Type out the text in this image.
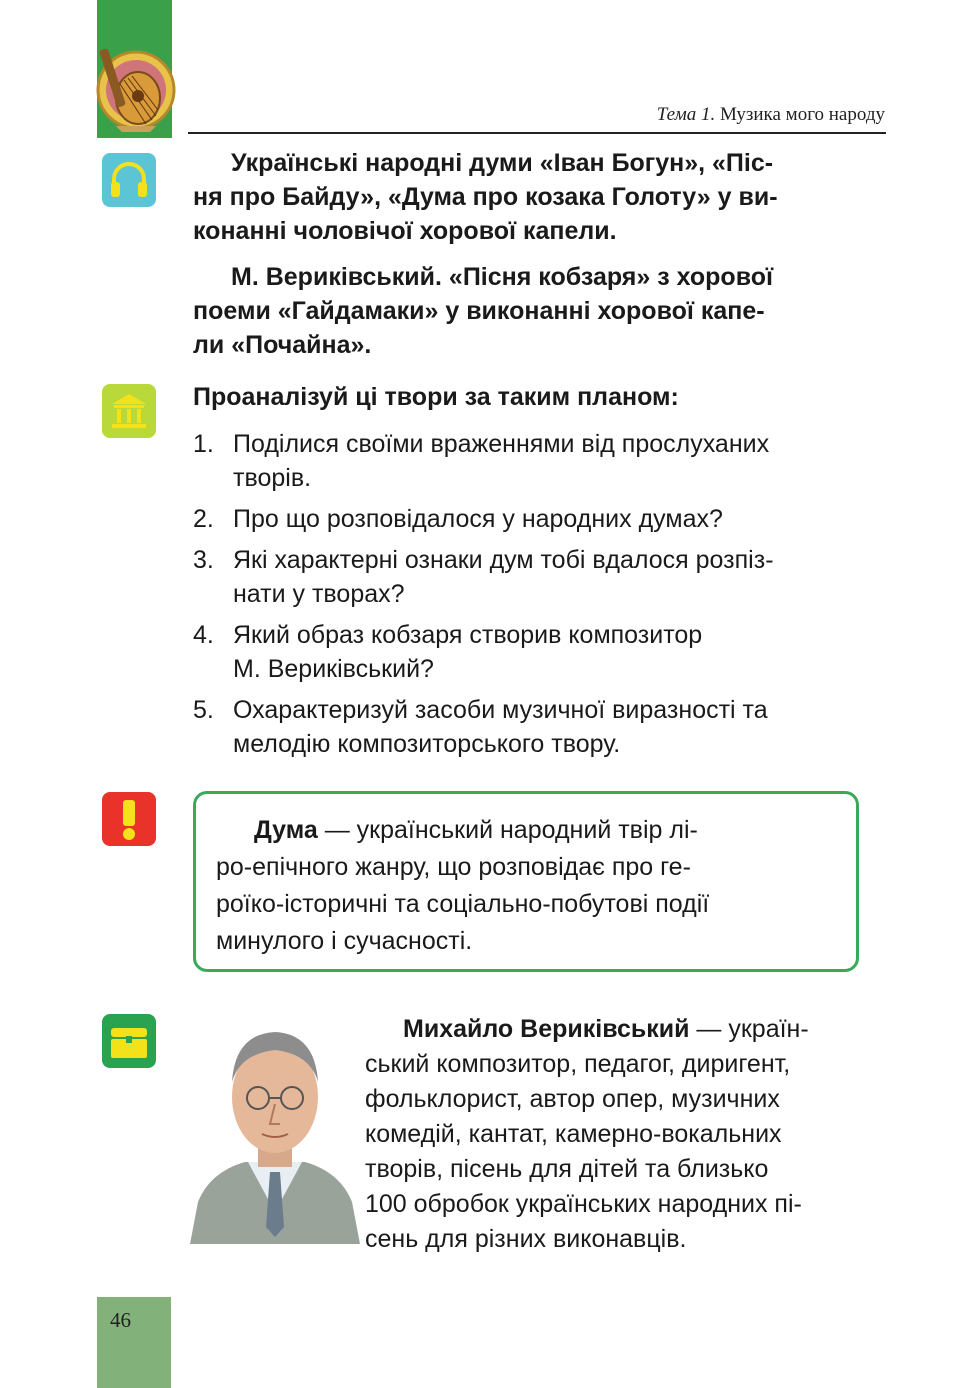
Тема 1. Музика мого народу

Українські народні думи «Іван Богун», «Піс-
ня про Байду», «Дума про козака Голоту» у ви-
конанні чоловічої хорової капели.

М. Вериківський. «Пісня кобзаря» з хорової
поеми «Гайдамаки» у виконанні хорової капе-
ли «Почайна».

Проаналізуй ці твори за таким планом:
1. Поділися своїми враженнями від прослуханих
творів.
2. Про що розповідалося у народних думах?
3. Які характерні ознаки дум тобі вдалося розпіз-
нати у творах?
4. Який образ кобзаря створив композитор
М. Вериківський?
5. Охарактеризуй засоби музичної виразності та
мелодію композиторського твору.

Дума — український народний твір лі-
ро-епічного жанру, що розповідає про ге-
роїко-історичні та соціально-побутові події
минулого і сучасності.

Михайло Вериківський — україн-
ський композитор, педагог, диригент,
фольклорист, автор опер, музичних
комедій, кантат, камерно-вокальних
творів, пісень для дітей та близько
100 обробок українських народних пі-
сень для різних виконавців.

46
